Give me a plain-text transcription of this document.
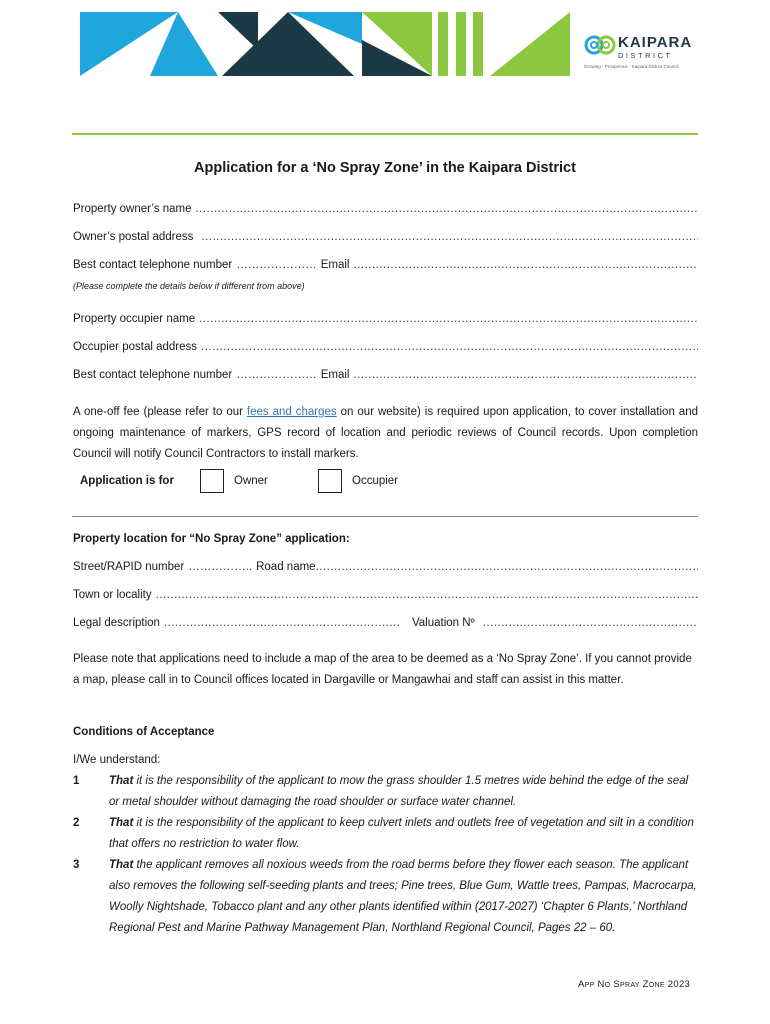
KAIPARA
DISTRICT
Growing · Prosperous · Kaipara District Council
Application for a ‘No Spray Zone’ in the Kaipara District
Property owner’s name
.....
Owner’s postal address
.....
Best contact telephone number ………………… Email
.....
(Please complete the details below if different from above)
Property occupier name
.....
Occupier postal address
.....
Best contact telephone number ………………… Email
.....
A one-off fee (please refer to our fees and charges on our website) is required upon application, to cover installation and ongoing maintenance of markers, GPS record of location and periodic reviews of Council records. Upon completion Council will notify Council Contractors to install markers.
Application is for	Owner	Occupier
Property location for “No Spray Zone” application:
Street/RAPID number …………….. Road name
.....
Town or locality
.....
Legal description
.....	Valuation Nº
.....
Please note that applications need to include a map of the area to be deemed as a ‘No Spray Zone’. If you cannot provide a map, please call in to Council offices located in Dargaville or Mangawhai and staff can assist in this matter.
Conditions of Acceptance
I/We understand:
1	That it is the responsibility of the applicant to mow the grass shoulder 1.5 metres wide behind the edge of the seal or metal shoulder without damaging the road shoulder or surface water channel.
2	That it is the responsibility of the applicant to keep culvert inlets and outlets free of vegetation and silt in a condition that offers no restriction to water flow.
3	That the applicant removes all noxious weeds from the road berms before they flower each season. The applicant also removes the following self-seeding plants and trees; Pine trees, Blue Gum, Wattle trees, Pampas, Macrocarpa, Woolly Nightshade, Tobacco plant and any other plants identified within (2017-2027) ‘Chapter 6 Plants,’ Northland Regional Pest and Marine Pathway Management Plan, Northland Regional Council, Pages 22 – 60.
App No Spray Zone 2023
